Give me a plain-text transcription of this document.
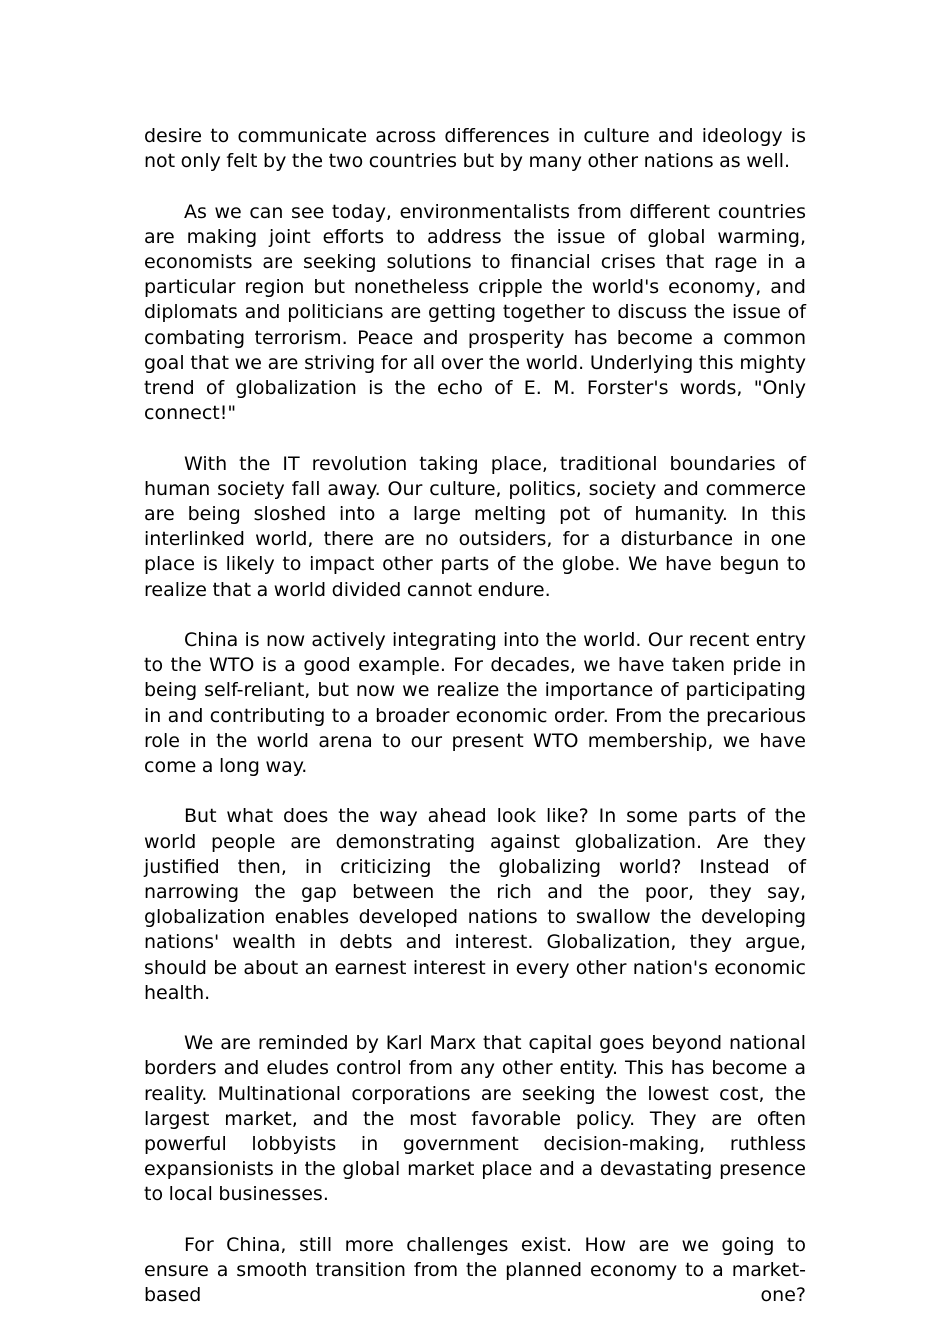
desire to communicate across differences in culture and ideology is not only felt by the two countries but by many other nations as well.

As we can see today, environmentalists from different countries are making joint efforts to address the issue of global warming, economists are seeking solutions to financial crises that rage in a particular region but nonetheless cripple the world's economy, and diplomats and politicians are getting together to discuss the issue of combating terrorism. Peace and prosperity has become a common goal that we are striving for all over the world. Underlying this mighty trend of globalization is the echo of E. M. Forster's words, "Only connect!"

With the IT revolution taking place, traditional boundaries of human society fall away. Our culture, politics, society and commerce are being sloshed into a large melting pot of humanity. In this interlinked world, there are no outsiders, for a disturbance in one place is likely to impact other parts of the globe. We have begun to realize that a world divided cannot endure.

China is now actively integrating into the world. Our recent entry to the WTO is a good example. For decades, we have taken pride in being self-reliant, but now we realize the importance of participating in and contributing to a broader economic order. From the precarious role in the world arena to our present WTO membership, we have come a long way.

But what does the way ahead look like? In some parts of the world people are demonstrating against globalization. Are they justified then, in criticizing the globalizing world? Instead of narrowing the gap between the rich and the poor, they say, globalization enables developed nations to swallow the developing nations' wealth in debts and interest. Globalization, they argue, should be about an earnest interest in every other nation's economic health.

We are reminded by Karl Marx that capital goes beyond national borders and eludes control from any other entity. This has become a reality. Multinational corporations are seeking the lowest cost, the largest market, and the most favorable policy. They are often powerful lobbyists in government decision-making, ruthless expansionists in the global market place and a devastating presence to local businesses.

For China, still more challenges exist. How are we going to ensure a smooth transition from the planned economy to a market-based one?
